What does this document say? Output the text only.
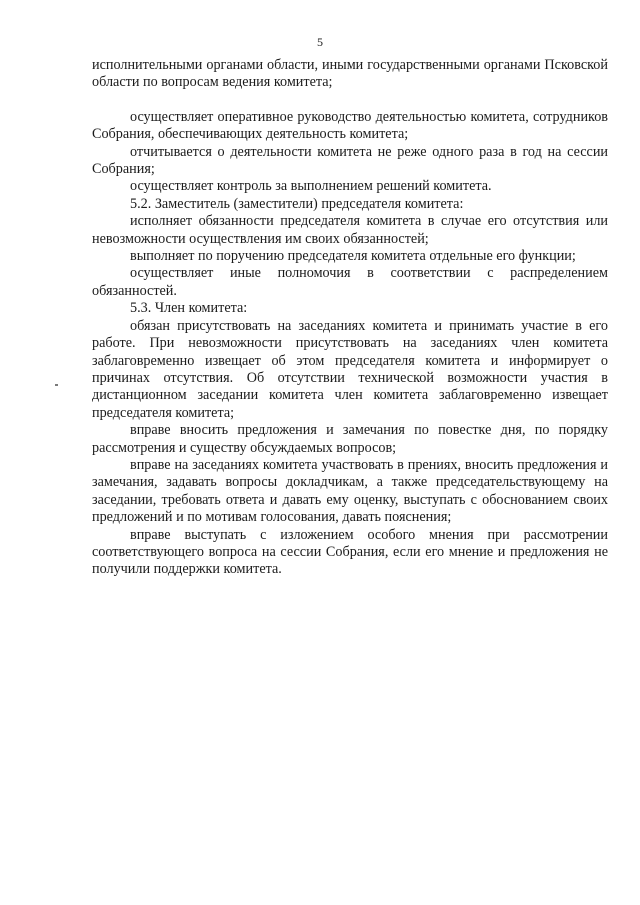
5

исполнительными органами области, иными государственными органами Псковской области по вопросам ведения комитета;

осуществляет оперативное руководство деятельностью комитета, сотрудников Собрания, обеспечивающих деятельность комитета;

отчитывается о деятельности комитета не реже одного раза в год на сессии Собрания;

осуществляет контроль за выполнением решений комитета.

5.2. Заместитель (заместители) председателя комитета:

исполняет обязанности председателя комитета в случае его отсутствия или невозможности осуществления им своих обязанностей;

выполняет по поручению председателя комитета отдельные его функции;

осуществляет иные полномочия в соответствии с распределением обязанностей.

5.3. Член комитета:

обязан присутствовать на заседаниях комитета и принимать участие в его работе. При невозможности присутствовать на заседаниях член комитета заблаговременно извещает об этом председателя комитета и информирует о причинах отсутствия. Об отсутствии технической возможности участия в дистанционном заседании комитета член комитета заблаговременно извещает председателя комитета;

вправе вносить предложения и замечания по повестке дня, по порядку рассмотрения и существу обсуждаемых вопросов;

вправе на заседаниях комитета участвовать в прениях, вносить предложения и замечания, задавать вопросы докладчикам, а также председательствующему на заседании, требовать ответа и давать ему оценку, выступать с обоснованием своих предложений и по мотивам голосования, давать пояснения;

вправе выступать с изложением особого мнения при рассмотрении соответствующего вопроса на сессии Собрания, если его мнение и предложения не получили поддержки комитета.
